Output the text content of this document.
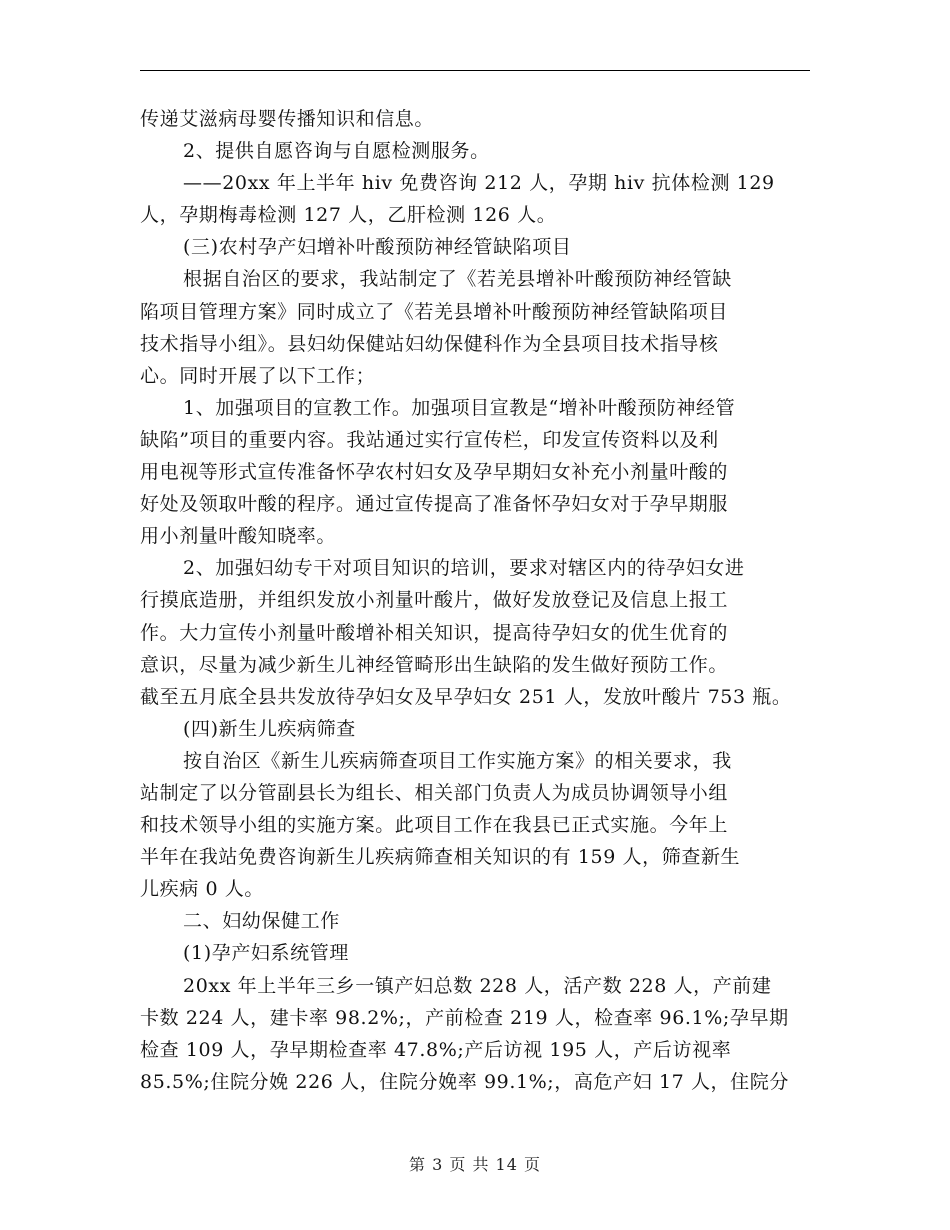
传递艾滋病母婴传播知识和信息。
2、提供自愿咨询与自愿检测服务。
——20xx 年上半年 hiv 免费咨询 212 人，孕期 hiv 抗体检测 129
人，孕期梅毒检测 127 人，乙肝检测 126 人。
(三)农村孕产妇增补叶酸预防神经管缺陷项目
根据自治区的要求，我站制定了《若羌县增补叶酸预防神经管缺
陷项目管理方案》同时成立了《若羌县增补叶酸预防神经管缺陷项目
技术指导小组》。县妇幼保健站妇幼保健科作为全县项目技术指导核
心。同时开展了以下工作；
1、加强项目的宣教工作。加强项目宣教是“增补叶酸预防神经管
缺陷”项目的重要内容。我站通过实行宣传栏，印发宣传资料以及利
用电视等形式宣传准备怀孕农村妇女及孕早期妇女补充小剂量叶酸的
好处及领取叶酸的程序。通过宣传提高了准备怀孕妇女对于孕早期服
用小剂量叶酸知晓率。
2、加强妇幼专干对项目知识的培训，要求对辖区内的待孕妇女进
行摸底造册，并组织发放小剂量叶酸片，做好发放登记及信息上报工
作。大力宣传小剂量叶酸增补相关知识，提高待孕妇女的优生优育的
意识，尽量为减少新生儿神经管畸形出生缺陷的发生做好预防工作。
截至五月底全县共发放待孕妇女及早孕妇女 251 人，发放叶酸片 753 瓶。
(四)新生儿疾病筛查
按自治区《新生儿疾病筛查项目工作实施方案》的相关要求，我
站制定了以分管副县长为组长、相关部门负责人为成员协调领导小组
和技术领导小组的实施方案。此项目工作在我县已正式实施。今年上
半年在我站免费咨询新生儿疾病筛查相关知识的有 159 人，筛查新生
儿疾病 0 人。
二、妇幼保健工作
(1)孕产妇系统管理
20xx 年上半年三乡一镇产妇总数 228 人，活产数 228 人，产前建
卡数 224 人，建卡率 98.2%;，产前检查 219 人，检查率 96.1%;孕早期
检查 109 人，孕早期检查率 47.8%;产后访视 195 人，产后访视率
85.5%;住院分娩 226 人，住院分娩率 99.1%;，高危产妇 17 人，住院分
第 3 页 共 14 页
